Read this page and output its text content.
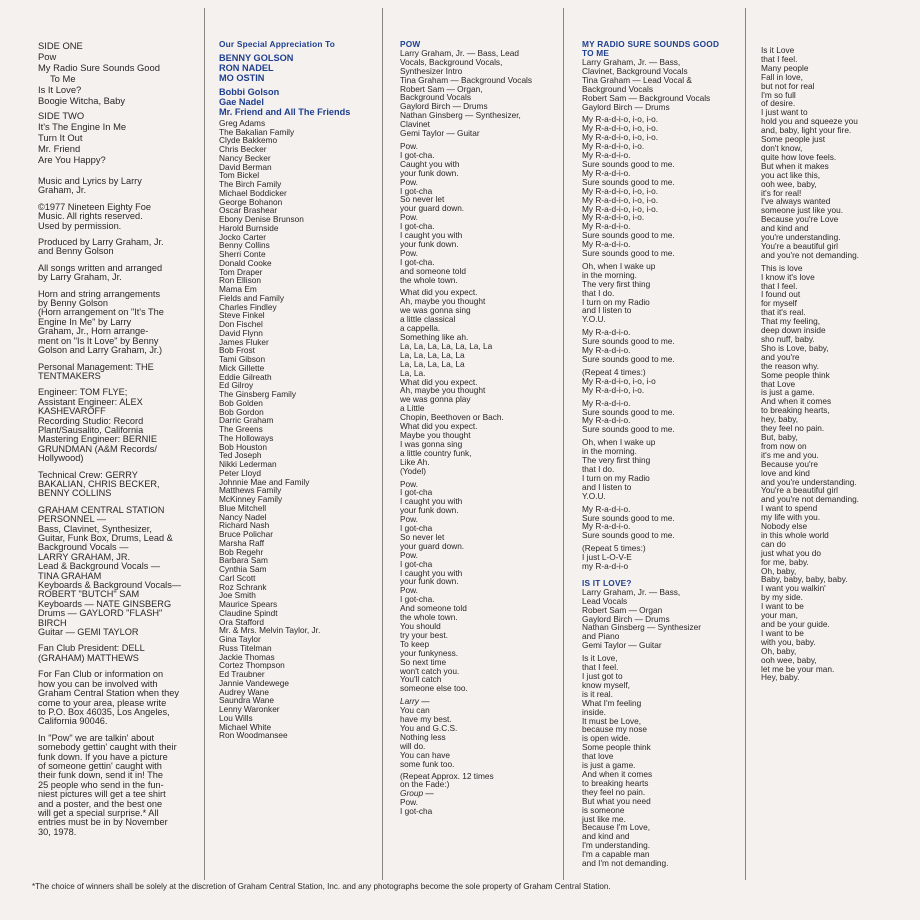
SIDE ONE
Pow
My Radio Sure Sounds Good
To Me
Is It Love?
Boogie Witcha, Baby
SIDE TWO
It's The Engine In Me
Turn It Out
Mr. Friend
Are You Happy?
Music and Lyrics by Larry
Graham, Jr.
©1977 Nineteen Eighty Foe
Music. All rights reserved.
Used by permission.
Produced by Larry Graham, Jr.
and Benny Golson
All songs written and arranged
by Larry Graham, Jr.
Horn and string arrangements
by Benny Golson
(Horn arrangement on "It's The
Engine In Me" by Larry
Graham, Jr., Horn arrange-
ment on "Is It Love" by Benny
Golson and Larry Graham, Jr.)
Personal Management: THE
TENTMAKERS
Engineer: TOM FLYE;
Assistant Engineer: ALEX
KASHEVAROFF
Recording Studio: Record
Plant/Sausalito, California
Mastering Engineer: BERNIE
GRUNDMAN (A&M Records/
Hollywood)
Technical Crew: GERRY
BAKALIAN, CHRIS BECKER,
BENNY COLLINS
GRAHAM CENTRAL STATION
PERSONNEL —
Bass, Clavinet, Synthesizer,
Guitar, Funk Box, Drums, Lead &
Background Vocals —
LARRY GRAHAM, JR.
Lead & Background Vocals —
TINA GRAHAM
Keyboards & Background Vocals—
ROBERT "BUTCH" SAM
Keyboards — NATE GINSBERG
Drums — GAYLORD "FLASH"
BIRCH
Guitar — GEMI TAYLOR
Fan Club President: DELL
(GRAHAM) MATTHEWS
For Fan Club or information on
how you can be involved with
Graham Central Station when they
come to your area, please write
to P.O. Box 46035, Los Angeles,
California 90046.
In "Pow" we are talkin' about
somebody gettin' caught with their
funk down. If you have a picture
of someone gettin' caught with
their funk down, send it in! The
25 people who send in the fun-
niest pictures will get a tee shirt
and a poster, and the best one
will get a special surprise.* All
entries must be in by November
30, 1978.
Our Special Appreciation To
BENNY GOLSON
RON NADEL
MO OSTIN
Bobbi Golson
Gae Nadel
Mr. Friend and All The Friends
Greg Adams
The Bakalian Family
Clyde Bakkemo
Chris Becker
Nancy Becker
David Berman
Tom Bickel
The Birch Family
Michael Boddicker
George Bohanon
Oscar Brashear
Ebony Denise Brunson
Harold Burnside
Jocko Carter
Benny Collins
Sherri Conte
Donald Cooke
Tom Draper
Ron Ellison
Mama Em
Fields and Family
Charles Findley
Steve Finkel
Don Fischel
David Flynn
James Fluker
Bob Frost
Tami Gibson
Mick Gillette
Eddie Gilreath
Ed Gilroy
The Ginsberg Family
Bob Golden
Bob Gordon
Darric Graham
The Greens
The Holloways
Bob Houston
Ted Joseph
Nikki Lederman
Peter Lloyd
Johnnie Mae and Family
Matthews Family
McKinney Family
Blue Mitchell
Nancy Nadel
Richard Nash
Bruce Polichar
Marsha Raff
Bob Regehr
Barbara Sam
Cynthia Sam
Carl Scott
Roz Schrank
Joe Smith
Maurice Spears
Claudine Spindt
Ora Stafford
Mr. & Mrs. Melvin Taylor, Jr.
Gina Taylor
Russ Titelman
Jackie Thomas
Cortez Thompson
Ed Traubner
Jannie Vandewege
Audrey Wane
Saundra Wane
Lenny Waronker
Lou Wills
Michael White
Ron Woodmansee
POW
Larry Graham, Jr. — Bass, Lead
Vocals, Background Vocals,
Synthesizer Intro
Tina Graham — Background Vocals
Robert Sam — Organ,
Background Vocals
Gaylord Birch — Drums
Nathan Ginsberg — Synthesizer,
Clavinet
Gemi Taylor — Guitar
Pow.
I got-cha.
Caught you with
your funk down.
Pow.
I got-cha
So never let
your guard down.
Pow.
I got-cha.
I caught you with
your funk down.
Pow.
I got-cha.
and someone told
the whole town.
What did you expect.
Ah, maybe you thought
we was gonna sing
a little classical
a cappella.
Something like ah.
La, La, La, La, La, La, La
La, La, La, La, La
La, La, La, La, La
La, La.
What did you expect.
Ah, maybe you thought
we was gonna play
a Little
Chopin, Beethoven or Bach.
What did you expect.
Maybe you thought
I was gonna sing
a little country funk,
Like Ah.
(Yodel)
Pow.
I got-cha
I caught you with
your funk down.
Pow.
I got-cha
So never let
your guard down.
Pow.
I got-cha
I caught you with
your funk down.
Pow.
I got-cha.
And someone told
the whole town.
You should
try your best.
To keep
your funkyness.
So next time
won't catch you.
You'll catch
someone else too.
Larry —
You can
have my best.
You and G.C.S.
Nothing less
will do.
You can have
some funk too.
(Repeat Approx. 12 times
on the Fade:)
Group —
Pow.
I got-cha
MY RADIO SURE SOUNDS GOOD TO ME
Larry Graham, Jr. — Bass,
Clavinet, Background Vocals
Tina Graham — Lead Vocal &
Background Vocals
Robert Sam — Background Vocals
Gaylord Birch — Drums
My R-a-d-i-o, i-o, i-o.
My R-a-d-i-o, i-o, i-o.
My R-a-d-i-o, i-o, i-o.
My R-a-d-i-o, i-o.
My R-a-d-i-o.
Sure sounds good to me.
My R-a-d-i-o.
Sure sounds good to me.
My R-a-d-i-o, i-o, i-o.
My R-a-d-i-o, i-o, i-o.
My R-a-d-i-o, i-o, i-o.
My R-a-d-i-o, i-o.
My R-a-d-i-o.
Sure sounds good to me.
My R-a-d-i-o.
Sure sounds good to me.
Oh, when I wake up
in the morning.
The very first thing
that I do.
I turn on my Radio
and I listen to
Y.O.U.
My R-a-d-i-o.
Sure sounds good to me.
My R-a-d-i-o.
Sure sounds good to me.
(Repeat 4 times:)
My R-a-d-i-o, i-o, i-o
My R-a-d-i-o, i-o.
My R-a-d-i-o.
Sure sounds good to me.
My R-a-d-i-o.
Sure sounds good to me.
Oh, when I wake up
in the morning.
The very first thing
that I do.
I turn on my Radio
and I listen to
Y.O.U.
My R-a-d-i-o.
Sure sounds good to me.
My R-a-d-i-o.
Sure sounds good to me.
(Repeat 5 times:)
I just L-O-V-E
my R-a-d-i-o
IS IT LOVE?
Larry Graham, Jr. — Bass,
Lead Vocals
Robert Sam — Organ
Gaylord Birch — Drums
Nathan Ginsberg — Synthesizer
and Piano
Gemi Taylor — Guitar
Is it Love,
that I feel.
I just got to
know myself,
is it real.
What I'm feeling
inside.
It must be Love,
because my nose
is open wide.
Some people think
that love
is just a game.
And when it comes
to breaking hearts
they feel no pain.
But what you need
is someone
just like me.
Because I'm Love,
and kind and
I'm understanding.
I'm a capable man
and I'm not demanding.
Is it Love
that I feel.
Many people
Fall in love,
but not for real
I'm so full
of desire.
I just want to
hold you and squeeze you
and, baby, light your fire.
Some people just
don't know,
quite how love feels.
But when it makes
you act like this,
ooh wee, baby,
it's for real!
I've always wanted
someone just like you.
Because you're Love
and kind and
you're understanding.
You're a beautiful girl
and you're not demanding.
This is love
I know it's love
that I feel.
I found out
for myself
that it's real.
That my feeling,
deep down inside
sho nuff, baby.
Sho is Love, baby,
and you're
the reason why.
Some people think
that Love
is just a game.
And when it comes
to breaking hearts,
hey, baby,
they feel no pain.
But, baby,
from now on
it's me and you.
Because you're
love and kind
and you're understanding.
You're a beautiful girl
and you're not demanding.
I want to spend
my life with you.
Nobody else
in this whole world
can do
just what you do
for me, baby.
Oh, baby,
Baby, baby, baby, baby.
I want you walkin'
by my side.
I want to be
your man,
and be your guide.
I want to be
with you, baby.
Oh, baby,
ooh wee, baby,
let me be your man.
Hey, baby.
*The choice of winners shall be solely at the discretion of Graham Central Station, Inc. and any photographs become the sole property of Graham Central Station.
